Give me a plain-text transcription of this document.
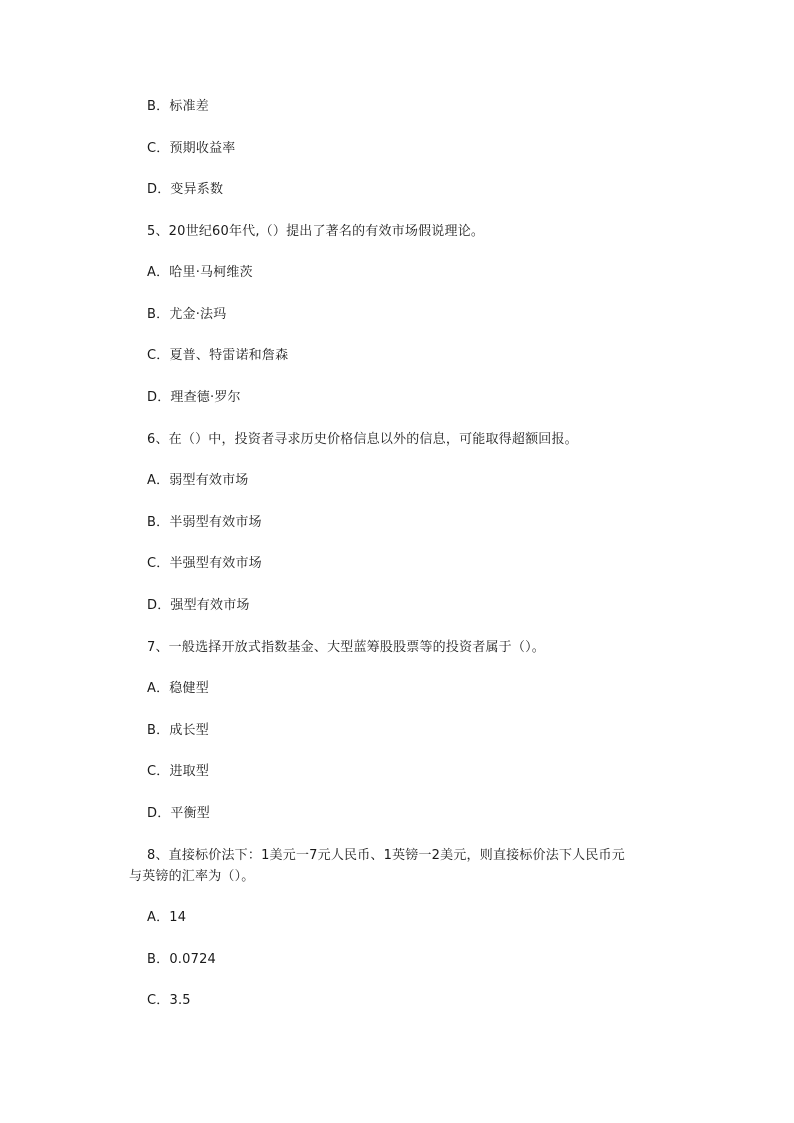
B．标准差
C．预期收益率
D．变异系数
5、20世纪60年代,（）提出了著名的有效市场假说理论。
A．哈里·马柯维茨
B．尤金·法玛
C．夏普、特雷诺和詹森
D．理查德·罗尔
6、在（）中，投资者寻求历史价格信息以外的信息，可能取得超额回报。
A．弱型有效市场
B．半弱型有效市场
C．半强型有效市场
D．强型有效市场
7、一般选择开放式指数基金、大型蓝筹股股票等的投资者属于（）。
A．稳健型
B．成长型
C．进取型
D．平衡型
8、直接标价法下：1美元一7元人民币、1英镑一2美元，则直接标价法下人民币元
与英镑的汇率为（）。
A．14
B．0.0724
C．3.5
